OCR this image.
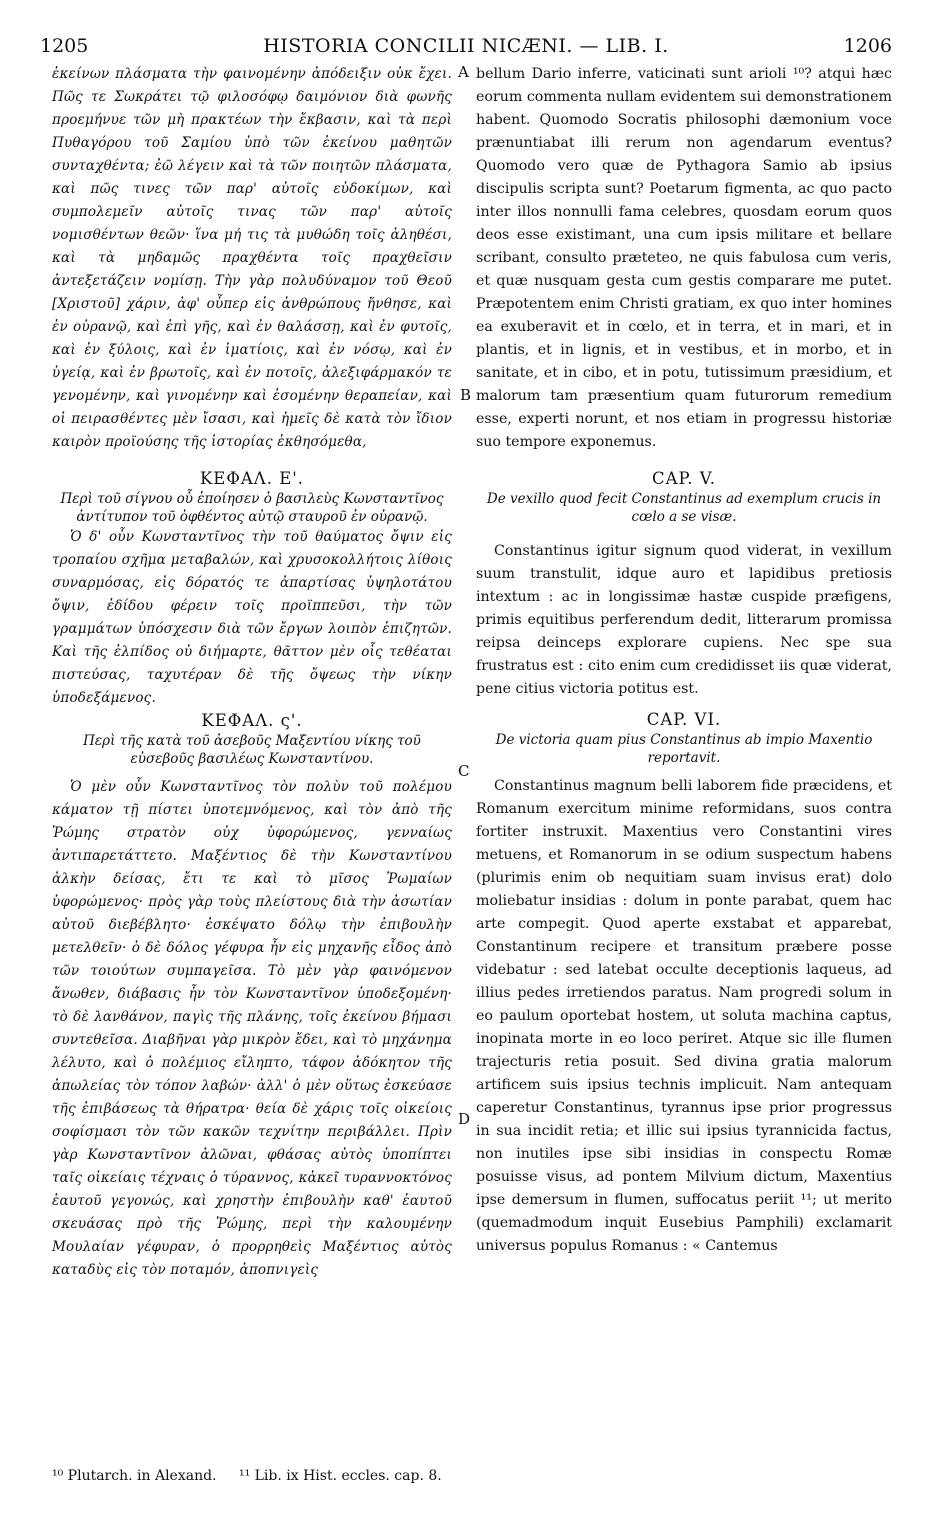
1205	HISTORIA CONCILII NICÆNI. — LIB. I.	1206

ἐκείνων πλάσματα τὴν φαινομένην ἀπόδειξιν οὐκ ἔχει. Πῶς τε Σωκράτει τῷ φιλοσόφῳ δαιμόνιον διὰ φωνῆς προεμήνυε τῶν μὴ πρακτέων τὴν ἔκβασιν, καὶ τὰ περὶ Πυθαγόρου τοῦ Σαμίου ὑπὸ τῶν ἐκείνου μαθητῶν συνταχθέντα; ἐῶ λέγειν καὶ τὰ τῶν ποιητῶν πλάσματα, καὶ πῶς τινες τῶν παρ' αὐτοῖς εὐδοκίμων, καὶ συμπολεμεῖν αὐτοῖς τινας τῶν παρ' αὐτοῖς νομισθέντων θεῶν· ἵνα μή τις τὰ μυθώδη τοῖς ἀληθέσι, καὶ τὰ μηδαμῶς πραχθέντα τοῖς πραχθεῖσιν ἀντεξετάζειν νομίσῃ. Τὴν γὰρ πολυδύναμον τοῦ Θεοῦ [Χριστοῦ] χάριν, ἀφ' οὗπερ εἰς ἀνθρώπους ἤνθησε, καὶ ἐν οὐρανῷ, καὶ ἐπὶ γῆς, καὶ ἐν θαλάσσῃ, καὶ ἐν φυτοῖς, καὶ ἐν ξύλοις, καὶ ἐν ἱματίοις, καὶ ἐν νόσῳ, καὶ ἐν ὑγείᾳ, καὶ ἐν βρωτοῖς, καὶ ἐν ποτοῖς, ἀλεξιφάρμακόν τε γενομένην, καὶ γινομένην καὶ ἐσομένην θεραπείαν, καὶ οἱ πειρασθέντες μὲν ἴσασι, καὶ ἡμεῖς δὲ κατὰ τὸν ἴδιον καιρὸν προϊούσης τῆς ἱστορίας ἐκθησόμεθα,

ΚΕΦΑΛ. Ε'.

Περὶ τοῦ σίγνου οὗ ἐποίησεν ὁ βασιλεὺς Κωνσταντῖνος ἀντίτυπον τοῦ ὀφθέντος αὐτῷ σταυροῦ ἐν οὐρανῷ.

Ὁ δ' οὖν Κωνσταντῖνος τὴν τοῦ θαύματος ὄψιν εἰς τροπαίου σχῆμα μεταβαλών, καὶ χρυσοκολλήτοις λίθοις συναρμόσας, εἰς δόρατός τε ἀπαρτίσας ὑψηλοτάτου ὄψιν, ἐδίδου φέρειν τοῖς προϊππεῦσι, τὴν τῶν γραμμάτων ὑπόσχεσιν διὰ τῶν ἔργων λοιπὸν ἐπιζητῶν. Καὶ τῆς ἐλπίδος οὐ διήμαρτε, θᾶττον μὲν οἷς τεθέαται πιστεύσας, ταχυτέραν δὲ τῆς ὄψεως τὴν νίκην ὑποδεξάμενος.

ΚΕΦΑΛ. ς'.

Περὶ τῆς κατὰ τοῦ ἀσεβοῦς Μαξεντίου νίκης τοῦ εὐσεβοῦς βασιλέως Κωνσταντίνου.

Ὁ μὲν οὖν Κωνσταντῖνος τὸν πολὺν τοῦ πολέμου κάματον τῇ πίστει ὑποτεμνόμενος, καὶ τὸν ἀπὸ τῆς Ῥώμης στρατὸν οὐχ ὑφορώμενος, γενναίως ἀντιπαρετάττετο. Μαξέντιος δὲ τὴν Κωνσταντίνου ἀλκὴν δείσας, ἔτι τε καὶ τὸ μῖσος Ῥωμαίων ὑφορώμενος· πρὸς γὰρ τοὺς πλείστους διὰ τὴν ἀσωτίαν αὐτοῦ διεβέβλητο· ἐσκέψατο δόλῳ τὴν ἐπιβουλὴν μετελθεῖν· ὁ δὲ δόλος γέφυρα ἦν εἰς μηχανῆς εἶδος ἀπὸ τῶν τοιούτων συμπαγεῖσα. Τὸ μὲν γὰρ φαινόμενον ἄνωθεν, διάβασις ἦν τὸν Κωνσταντῖνον ὑποδεξομένη· τὸ δὲ λανθάνον, παγὶς τῆς πλάνης, τοῖς ἐκείνου βήμασι συντεθεῖσα. Διαβῆναι γὰρ μικρὸν ἔδει, καὶ τὸ μηχάνημα λέλυτο, καὶ ὁ πολέμιος εἴληπτο, τάφον ἀδόκητον τῆς ἀπωλείας τὸν τόπον λαβών· ἀλλ' ὁ μὲν οὕτως ἐσκεύασε τῆς ἐπιβάσεως τὰ θήρατρα· θεία δὲ χάρις τοῖς οἰκείοις σοφίσμασι τὸν τῶν κακῶν τεχνίτην περιβάλλει. Πρὶν γὰρ Κωνσταντῖνον ἁλῶναι, φθάσας αὐτὸς ὑποπίπτει ταῖς οἰκείαις τέχναις ὁ τύραννος, κἀκεῖ τυραννοκτόνος ἑαυτοῦ γεγονώς, καὶ χρηστὴν ἐπιβουλὴν καθ' ἑαυτοῦ σκευάσας πρὸ τῆς Ῥώμης, περὶ τὴν καλουμένην Μουλαίαν γέφυραν, ὁ προρρηθεὶς Μαξέντιος αὐτὸς καταδὺς εἰς τὸν ποταμόν, ἀποπνιγεὶς

A
B
C
D

bellum Dario inferre, vaticinati sunt arioli ¹⁰? atqui hæc eorum commenta nullam evidentem sui demonstrationem habent. Quomodo Socratis philosophi dæmonium voce prænuntiabat illi rerum non agendarum eventus? Quomodo vero quæ de Pythagora Samio ab ipsius discipulis scripta sunt? Poetarum figmenta, ac quo pacto inter illos nonnulli fama celebres, quosdam eorum quos deos esse existimant, una cum ipsis militare et bellare scribant, consulto præteteo, ne quis fabulosa cum veris, et quæ nusquam gesta cum gestis comparare me putet. Præpotentem enim Christi gratiam, ex quo inter homines ea exuberavit et in cœlo, et in terra, et in mari, et in plantis, et in lignis, et in vestibus, et in morbo, et in sanitate, et in cibo, et in potu, tutissimum præsidium, et malorum tam præsentium quam futurorum remedium esse, experti norunt, et nos etiam in progressu historiæ suo tempore exponemus.

CAP. V.

De vexillo quod fecit Constantinus ad exemplum crucis in cœlo a se visæ.

Constantinus igitur signum quod viderat, in vexillum suum transtulit, idque auro et lapidibus pretiosis intextum : ac in longissimæ hastæ cuspide præfigens, primis equitibus perferendum dedit, litterarum promissa reipsa deinceps explorare cupiens. Nec spe sua frustratus est : cito enim cum credidisset iis quæ viderat, pene citius victoria potitus est.

CAP. VI.

De victoria quam pius Constantinus ab impio Maxentio reportavit.

Constantinus magnum belli laborem fide præcidens, et Romanum exercitum minime reformidans, suos contra fortiter instruxit. Maxentius vero Constantini vires metuens, et Romanorum in se odium suspectum habens (plurimis enim ob nequitiam suam invisus erat) dolo moliebatur insidias : dolum in ponte parabat, quem hac arte compegit. Quod aperte exstabat et apparebat, Constantinum recipere et transitum præbere posse videbatur : sed latebat occulte deceptionis laqueus, ad illius pedes irretiendos paratus. Nam progredi solum in eo paulum oportebat hostem, ut soluta machina captus, inopinata morte in eo loco periret. Atque sic ille flumen trajecturis retia posuit. Sed divina gratia malorum artificem suis ipsius technis implicuit. Nam antequam caperetur Constantinus, tyrannus ipse prior progressus in sua incidit retia; et illic sui ipsius tyrannicida factus, non inutiles ipse sibi insidias in conspectu Romæ posuisse visus, ad pontem Milvium dictum, Maxentius ipse demersum in flumen, suffocatus periit ¹¹; ut merito (quemadmodum inquit Eusebius Pamphili) exclamarit universus populus Romanus : « Cantemus

¹⁰ Plutarch. in Alexand. ¹¹ Lib. ix Hist. eccles. cap. 8.
